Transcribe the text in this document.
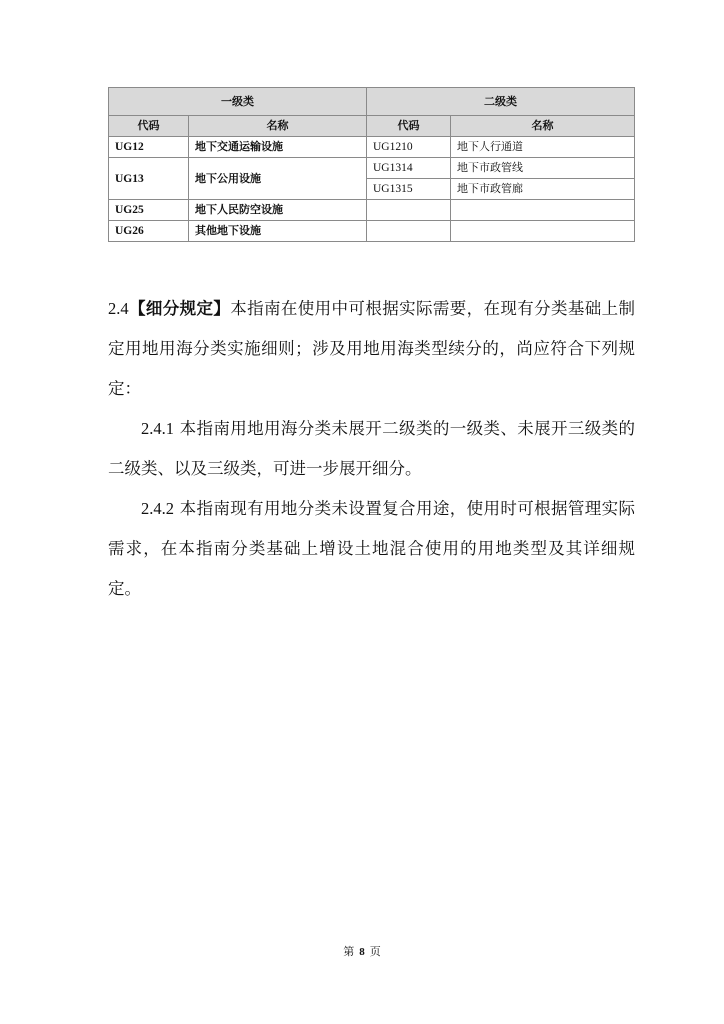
一级类		二级类	
代码	名称	代码	名称
UG12	地下交通运输设施	UG1210	地下人行通道
UG13	地下公用设施	UG1314	地下市政管线
		UG1315	地下市政管廊
UG25	地下人民防空设施		
UG26	其他地下设施		

2.4【细分规定】本指南在使用中可根据实际需要，在现有分类基础上制定用地用海分类实施细则；涉及用地用海类型续分的，尚应符合下列规定：

2.4.1 本指南用地用海分类未展开二级类的一级类、未展开三级类的二级类、以及三级类，可进一步展开细分。

2.4.2 本指南现有用地分类未设置复合用途，使用时可根据管理实际需求，在本指南分类基础上增设土地混合使用的用地类型及其详细规定。

第 8 页
